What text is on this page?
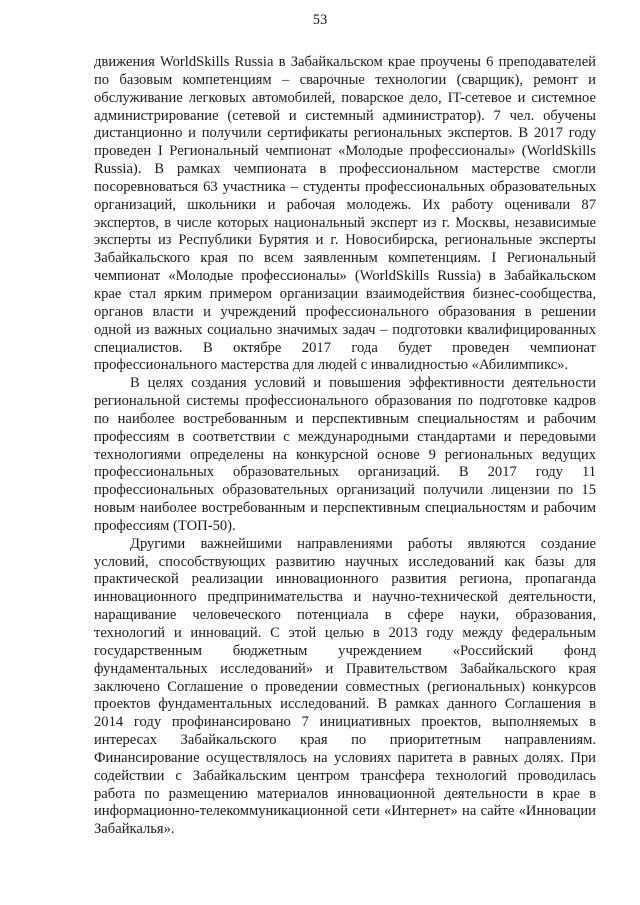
53

движения WorldSkills Russia в Забайкальском крае проучены 6 преподавателей по базовым компетенциям – сварочные технологии (сварщик), ремонт и обслуживание легковых автомобилей, поварское дело, IT-сетевое и системное администрирование (сетевой и системный администратор). 7 чел. обучены дистанционно и получили сертификаты региональных экспертов. В 2017 году проведен I Региональный чемпионат «Молодые профессионалы» (WorldSkills Russia). В рамках чемпионата в профессиональном мастерстве смогли посоревноваться 63 участника – студенты профессиональных образовательных организаций, школьники и рабочая молодежь. Их работу оценивали 87 экспертов, в числе которых национальный эксперт из г. Москвы, независимые эксперты из Республики Бурятия и г. Новосибирска, региональные эксперты Забайкальского края по всем заявленным компетенциям. I Региональный чемпионат «Молодые профессионалы» (WorldSkills Russia) в Забайкальском крае стал ярким примером организации взаимодействия бизнес-сообщества, органов власти и учреждений профессионального образования в решении одной из важных социально значимых задач – подготовки квалифицированных специалистов. В октябре 2017 года будет проведен чемпионат профессионального мастерства для людей с инвалидностью «Абилимпикс».

В целях создания условий и повышения эффективности деятельности региональной системы профессионального образования по подготовке кадров по наиболее востребованным и перспективным специальностям и рабочим профессиям в соответствии с международными стандартами и передовыми технологиями определены на конкурсной основе 9 региональных ведущих профессиональных образовательных организаций. В 2017 году 11 профессиональных образовательных организаций получили лицензии по 15 новым наиболее востребованным и перспективным специальностям и рабочим профессиям (ТОП-50).

Другими важнейшими направлениями работы являются создание условий, способствующих развитию научных исследований как базы для практической реализации инновационного развития региона, пропаганда инновационного предпринимательства и научно-технической деятельности, наращивание человеческого потенциала в сфере науки, образования, технологий и инноваций. С этой целью в 2013 году между федеральным государственным бюджетным учреждением «Российский фонд фундаментальных исследований» и Правительством Забайкальского края заключено Соглашение о проведении совместных (региональных) конкурсов проектов фундаментальных исследований. В рамках данного Соглашения в 2014 году профинансировано 7 инициативных проектов, выполняемых в интересах Забайкальского края по приоритетным направлениям. Финансирование осуществлялось на условиях паритета в равных долях. При содействии с Забайкальским центром трансфера технологий проводилась работа по размещению материалов инновационной деятельности в крае в информационно-телекоммуникационной сети «Интернет» на сайте «Инновации Забайкалья».
